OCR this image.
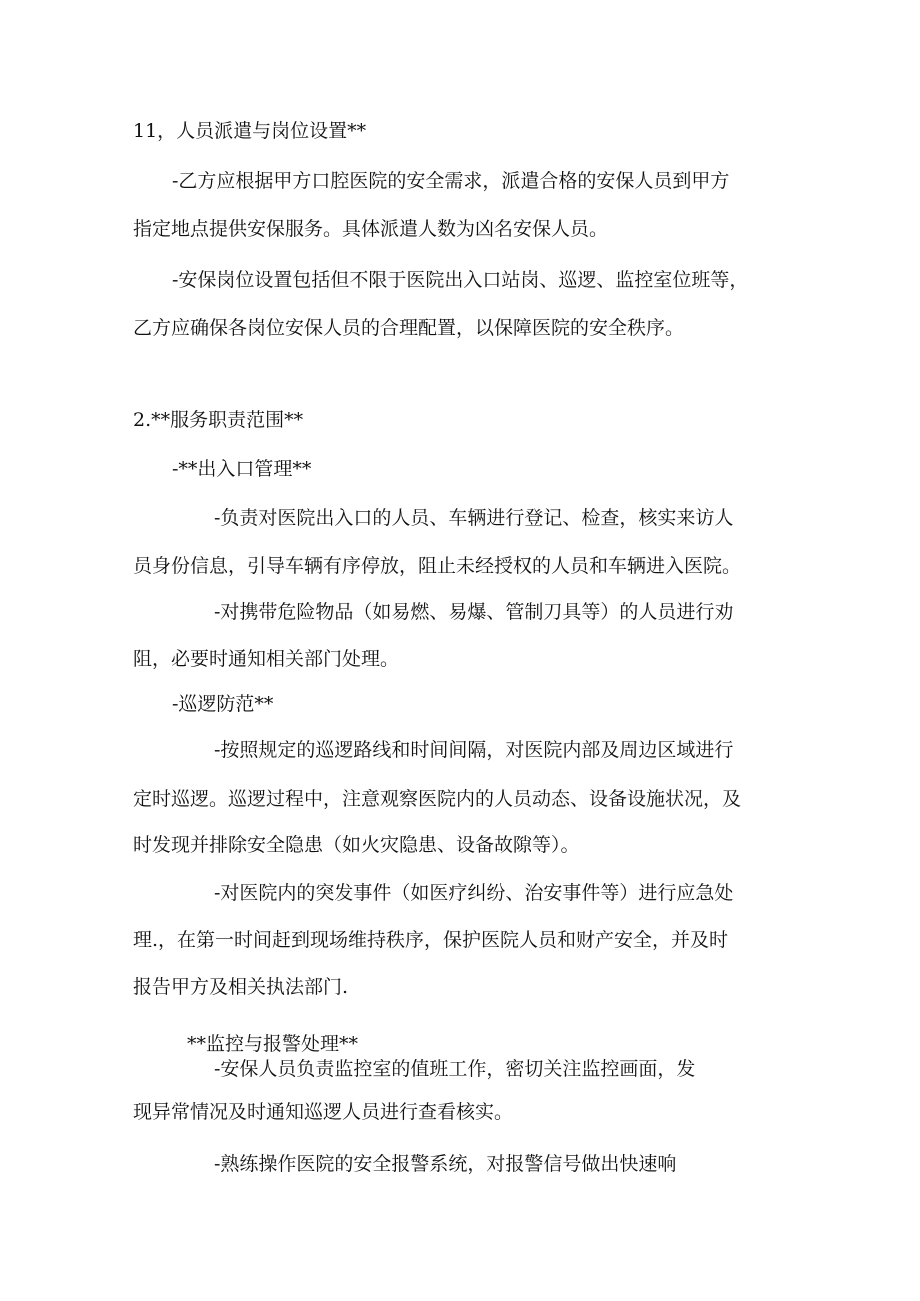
11，人员派遣与岗位设置**

-乙方应根据甲方口腔医院的安全需求，派遣合格的安保人员到甲方

指定地点提供安保服务。具体派遣人数为凶名安保人员。

-安保岗位设置包括但不限于医院出入口站岗、巡逻、监控室位班等，

乙方应确保各岗位安保人员的合理配置，以保障医院的安全秩序。

2.**服务职责范围**

-**出入口管理**

-负责对医院出入口的人员、车辆进行登记、检查，核实来访人

员身份信息，引导车辆有序停放，阻止未经授权的人员和车辆进入医院。

-对携带危险物品（如易燃、易爆、管制刀具等）的人员进行劝

阻，必要时通知相关部门处理。

-巡逻防范**

-按照规定的巡逻路线和时间间隔，对医院内部及周边区域进行

定时巡逻。巡逻过程中，注意观察医院内的人员动态、设备设施状况，及

时发现并排除安全隐患（如火灾隐患、设备故隙等）。

-对医院内的突发事件（如医疗纠纷、治安事件等）进行应急处

理.，在第一时间赶到现场维持秩序，保护医院人员和财产安全，并及时

报告甲方及相关执法部门.

**监控与报警处理**

-安保人员负责监控室的值班工作，密切关注监控画面，发

现异常情况及时通知巡逻人员进行查看核实。

-熟练操作医院的安全报警系统，对报警信号做出快速响
